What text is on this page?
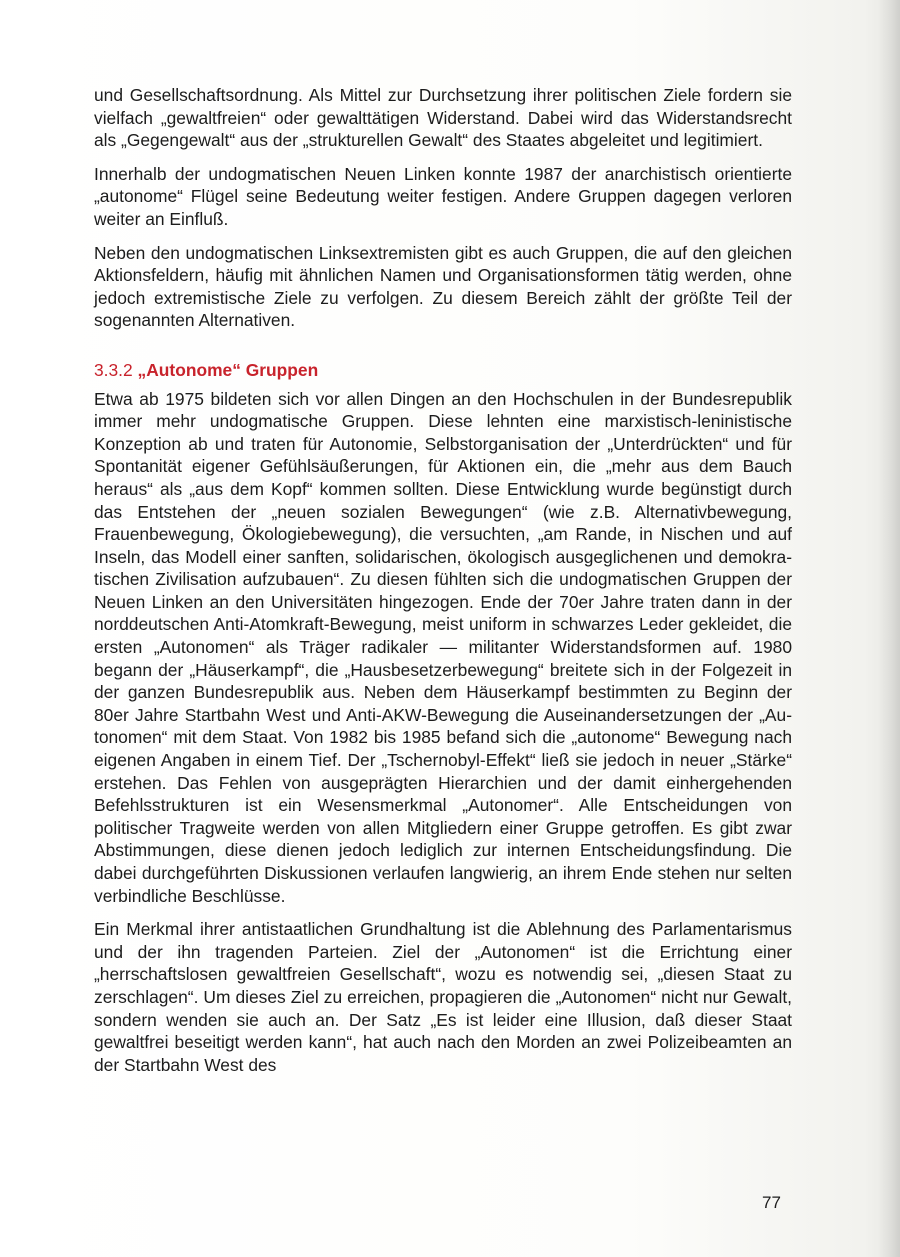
und Gesellschaftsordnung. Als Mittel zur Durchsetzung ihrer politischen Ziele fordern sie vielfach „gewaltfreien“ oder gewalttätigen Widerstand. Dabei wird das Widerstandsrecht als „Gegengewalt“ aus der „strukturellen Gewalt“ des Staates abgeleitet und legitimiert.

Innerhalb der undogmatischen Neuen Linken konnte 1987 der anarchistisch orientierte „autonome“ Flügel seine Bedeutung weiter festigen. Andere Gruppen dagegen verloren weiter an Einfluß.

Neben den undogmatischen Linksextremisten gibt es auch Gruppen, die auf den gleichen Aktionsfeldern, häufig mit ähnlichen Namen und Organisationsformen tätig werden, ohne jedoch extremistische Ziele zu verfolgen. Zu diesem Bereich zählt der größte Teil der sogenannten Alternativen.

3.3.2 „Autonome“ Gruppen

Etwa ab 1975 bildeten sich vor allen Dingen an den Hochschulen in der Bundesrepublik immer mehr undogmatische Gruppen. Diese lehnten eine marxistisch-leninistische Konzeption ab und traten für Autonomie, Selbstorganisation der „Unterdrückten“ und für Spontanität eigener Gefühlsäußerungen, für Aktionen ein, die „mehr aus dem Bauch heraus“ als „aus dem Kopf“ kommen sollten. Diese Entwicklung wurde begünstigt durch das Entstehen der „neuen sozialen Bewegungen“ (wie z.B. Alternativbewegung, Frauenbewegung, Ökologiebewegung), die versuchten, „am Rande, in Nischen und auf Inseln, das Modell einer sanften, solidarischen, ökologisch ausgeglichenen und demokratischen Zivilisation aufzubauen“. Zu diesen fühlten sich die undogmatischen Gruppen der Neuen Linken an den Universitäten hingezogen. Ende der 70er Jahre traten dann in der norddeutschen Anti-Atomkraft-Bewegung, meist uniform in schwarzes Leder gekleidet, die ersten „Autonomen“ als Träger radikaler — militanter Widerstandsformen auf. 1980 begann der „Häuserkampf“, die „Hausbesetzerbewegung“ breitete sich in der Folgezeit in der ganzen Bundesrepublik aus. Neben dem Häuserkampf bestimmten zu Beginn der 80er Jahre Startbahn West und Anti-AKW-Bewegung die Auseinandersetzungen der „Autonomen“ mit dem Staat. Von 1982 bis 1985 befand sich die „autonome“ Bewegung nach eigenen Angaben in einem Tief. Der „Tschernobyl-Effekt“ ließ sie jedoch in neuer „Stärke“ erstehen. Das Fehlen von ausgeprägten Hierarchien und der damit einhergehenden Befehlsstrukturen ist ein Wesensmerkmal „Autonomer“. Alle Entscheidungen von politischer Tragweite werden von allen Mitgliedern einer Gruppe getroffen. Es gibt zwar Abstimmungen, diese dienen jedoch lediglich zur internen Entscheidungsfindung. Die dabei durchgeführten Diskussionen verlaufen langwierig, an ihrem Ende stehen nur selten verbindliche Beschlüsse.

Ein Merkmal ihrer antistaatlichen Grundhaltung ist die Ablehnung des Parlamentarismus und der ihn tragenden Parteien. Ziel der „Autonomen“ ist die Errichtung einer „herrschaftslosen gewaltfreien Gesellschaft“, wozu es notwendig sei, „diesen Staat zu zerschlagen“. Um dieses Ziel zu erreichen, propagieren die „Autonomen“ nicht nur Gewalt, sondern wenden sie auch an. Der Satz „Es ist leider eine Illusion, daß dieser Staat gewaltfrei beseitigt werden kann“, hat auch nach den Morden an zwei Polizeibeamten an der Startbahn West des

77
